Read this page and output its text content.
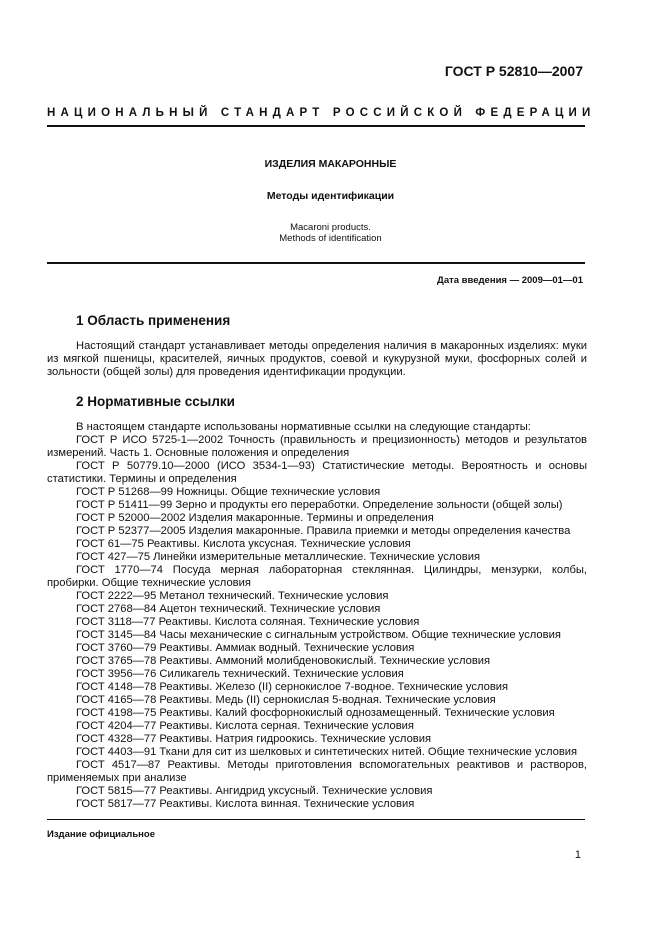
ГОСТ Р 52810—2007
НАЦИОНАЛЬНЫЙ СТАНДАРТ РОССИЙСКОЙ ФЕДЕРАЦИИ
ИЗДЕЛИЯ МАКАРОННЫЕ
Методы идентификации
Macaroni products.
Methods of identification
Дата введения — 2009—01—01
1 Область применения
Настоящий стандарт устанавливает методы определения наличия в макаронных изделиях: муки из мягкой пшеницы, красителей, яичных продуктов, соевой и кукурузной муки, фосфорных солей и зольности (общей золы) для проведения идентификации продукции.
2 Нормативные ссылки
В настоящем стандарте использованы нормативные ссылки на следующие стандарты:
ГОСТ Р ИСО 5725-1—2002 Точность (правильность и прецизионность) методов и результатов измерений. Часть 1. Основные положения и определения
ГОСТ Р 50779.10—2000 (ИСО 3534-1—93) Статистические методы. Вероятность и основы статистики. Термины и определения
ГОСТ Р 51268—99 Ножницы. Общие технические условия
ГОСТ Р 51411—99 Зерно и продукты его переработки. Определение зольности (общей золы)
ГОСТ Р 52000—2002 Изделия макаронные. Термины и определения
ГОСТ Р 52377—2005 Изделия макаронные. Правила приемки и методы определения качества
ГОСТ 61—75 Реактивы. Кислота уксусная. Технические условия
ГОСТ 427—75 Линейки измерительные металлические. Технические условия
ГОСТ 1770—74 Посуда мерная лабораторная стеклянная. Цилиндры, мензурки, колбы, пробирки. Общие технические условия
ГОСТ 2222—95 Метанол технический. Технические условия
ГОСТ 2768—84 Ацетон технический. Технические условия
ГОСТ 3118—77 Реактивы. Кислота соляная. Технические условия
ГОСТ 3145—84 Часы механические с сигнальным устройством. Общие технические условия
ГОСТ 3760—79 Реактивы. Аммиак водный. Технические условия
ГОСТ 3765—78 Реактивы. Аммоний молибденовокислый. Технические условия
ГОСТ 3956—76 Силикагель технический. Технические условия
ГОСТ 4148—78 Реактивы. Железо (II) сернокислое 7-водное. Технические условия
ГОСТ 4165—78 Реактивы. Медь (II) сернокислая 5-водная. Технические условия
ГОСТ 4198—75 Реактивы. Калий фосфорнокислый однозамещенный. Технические условия
ГОСТ 4204—77 Реактивы. Кислота серная. Технические условия
ГОСТ 4328—77 Реактивы. Натрия гидроокись. Технические условия
ГОСТ 4403—91 Ткани для сит из шелковых и синтетических нитей. Общие технические условия
ГОСТ 4517—87 Реактивы. Методы приготовления вспомогательных реактивов и растворов, применяемых при анализе
ГОСТ 5815—77 Реактивы. Ангидрид уксусный. Технические условия
ГОСТ 5817—77 Реактивы. Кислота винная. Технические условия
Издание официальное
1
